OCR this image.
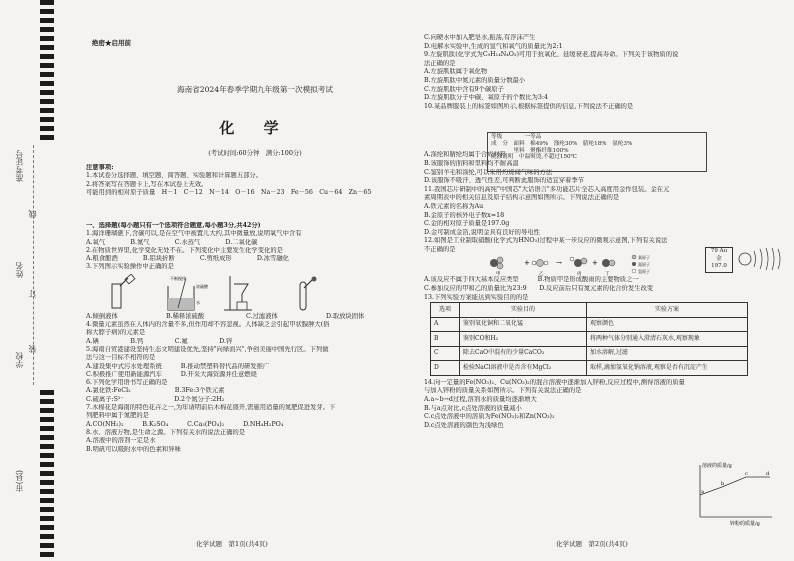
准考证号
姓名
学校
市(县)
线
订
装
绝密★启用前
海南省2024年春季学期九年级第一次模拟考试
化 学
(考试时间:60分钟　满分:100分)

注意事项:

1.本试卷分选择题、填空题、简答题、实验题和计算题五部分。

2.将答案写在答题卡上,写在本试卷上无效。

可能用到的相对原子质量　H－1　C－12　N－14　O－16　Na－23　Fe－56　Cu－64　Zn－65

一、选择题(每小题只有一个选项符合题意,每小题3分,共42分)

1.海洋珊瑚礁下,含碳可以,是在空气中被置儿大约,其中微量放,说明氧气中含有

A.氧气　　　　B.氮气　　　　C.水蒸气　　　　D.二氧化碳

2.在物质世界里,化学变化无处不在。下列变化中主要发生化学变化的是

A.粮食酿酒　　　　B.铝块折断　　　　C.剪纸成形　　　　D.冰雪融化

3.下列图示实验操作中正确的是

不断搅拌
水
浓硫酸
A.倾倒液体	B.稀释浓硫酸	C.过滤液体	D.取放块固体

4.微量元素虽然在人体内的含量不多,但作用却不容忽视。人体缺乏会引起甲状腺肿大(俗

称大脖子病)的元素是

A.碘　　　　　B.钙　　　　　C.氟　　　　　D.锌

5.海南自贸港建设坚持生态文明建设优先,坚持"向绿而兴",争创美丽中国先行区。下列做

法与这一目标不相符的是

A.建设集中式污水处理系统　　　B.推动禁塑料替代品的研发推广

C.积极推广使用新能源汽车　　　D.开采大海资源并任意燃烧

6.下列化学用语书写正确的是

A.氯化铁:FeCl₂　　　　　　　B.3Fe:3个铁元素

C.硫离子:S²⁻　　　　　　　　D.2个氮分子:2H₂

7.木棉花是海南的特色花卉之一,为年请明前后木棉花盛开,需施用适量的氮肥促进发芽。下

列肥料中属于氮肥的是

A.CO(NH₂)₂　　　B.K₂SO₄　　　C.Ca₃(PO₄)₂　　　D.NH₄H₂PO₄

8.水、溶液万物,是生命之源。下列有关水的说法正确的是

A.溶液中的溶剂一定是水

B.明矾可以吸附水中的色素和异味

化学试题　第1页(共4页)

C.向硬水中加入肥皂水,振荡,有浮沫产生

D.电解水实验中,生成的氢气和氧气的质量比为2:1

9.左旋肌肽(化学式为C₉H₁₄N₄O₃)可用于抗氧化、延缓衰老,提高寿命。下列关于该物质的说

法正确的是

A.左旋肌肽属于氧化物

B.左旋肌肽中氮元素的质量分数最小

C.左旋肌肽中含有9个碳原子

D.左旋肌肽分子中碳、氧原子的个数比为3:4

10.某品牌服装上的标签如图所示,根据标签提供的信息,下列说法不正确的是

A.涤纶和腈纶均属于合成材料

B.该服饰的面料和里料均不耐高温

C.鉴别羊毛和涤纶,可以采用灼烧闻气味的方法

D.该服饰不吸汗、透气性差,可判断此服饰的适宜穿着季节

11.我国芯片研制中的高纯"中国芯"大话语言"多功能芯片全芯入高度用金作包装。金在元

素周期表中的相关信息及原子结构示意图如图所示。下列说法正确的是

A.铁元素的名称为Au

B.金原子的核外电子数x=18

C.金的相对原子质量是197.0g

D.金可制成金箔,说明金具有良好的导电性

12.如图是工业制取硝酸(化学式为HNO₃)过程中某一步反应的微观示意图,下列有关说法

不正确的是

+	→	+
甲	乙	丙	丁
氧原子
氮原子
氢原子

A.该反应不属于四大基本反应类型　　　B.物质甲是形成酸雨的主要物质之一

C.参加反应的甲和乙的质量比为23:9　　D.反应前后只有氮元素的化合价发生改变

13.下列实验方案能达到实验目的的是

选项	实验目的	实验方案
A	鉴别氧化铜和二氧化锰	观察颜色
B	鉴别CO和H₂	将两种气体分别通入澄清石灰水,观察现象
C	除去CaO中混有的少量CaCO₃	加水溶解,过滤
D	检验NaCl溶液中是否含有MgCl₂	取样,滴加氢氧化钠溶液,观察是否有沉淀产生

14.向一定量的Fe(NO₃)₂、Cu(NO₃)₂的混合溶液中逐渐加入锌粉,反应过程中,测得溶液的质量

与加入锌粉的质量关系如图所示。下列有关说法正确的是

A.a~b→d过程,溶剂水的质量均逐渐增大

B.与a点对比,c点处溶液的质量减小

C.c点处溶液中的溶质为Fe(NO₃)₂和Zn(NO₃)₂

D.c点处溶液的颜色为浅绿色

等级　　　　一等品
成　分　面料　棉49%　涤纶30%　腈纶18%　氨纶3%
　　　　里料　聚酯纤维100%
洗涤说明　中温熨烫,不超过150℃
79 Au
金
197.0
溶液的质量/g
锌粉的质量/g
a
b
c	d
化学试题　第2页(共4页)
